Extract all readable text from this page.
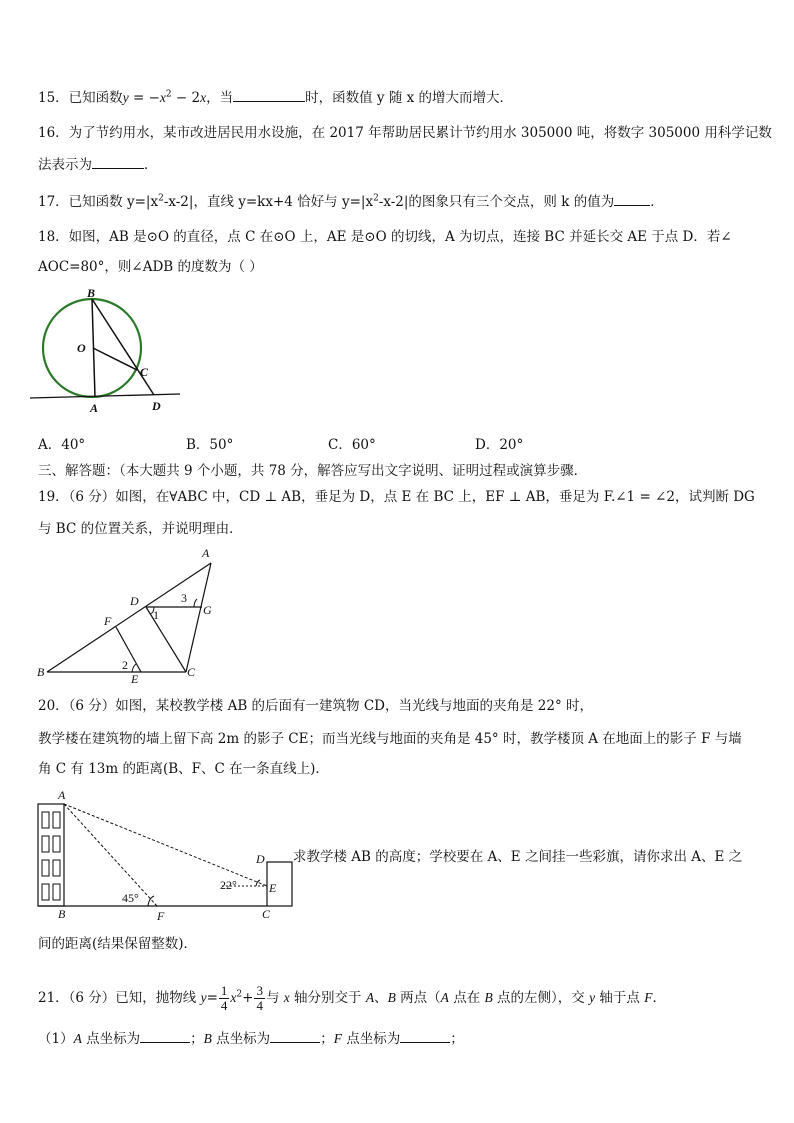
15．已知函数$y = -x^2 - 2x$，当	时，函数值 y 随 x 的增大而增大．
16．为了节约用水，某市改进居民用水设施，在 2017 年帮助居民累计节约用水 305000 吨，将数字 305000 用科学记数
法表示为	．
17．已知函数 $y=|x^2-x-2|$，直线 y=kx+4 恰好与 $y=|x^2-x-2|$的图象只有三个交点，则 k 的值为	．
18．如图，AB 是⊙O 的直径，点 C 在⊙O 上，AE 是⊙O 的切线，A 为切点，连接 BC 并延长交 AE 于点 D．若∠
AOC=80°，则∠ADB 的度数为（ ）
B
O
C
A	D
A．40°	B．50°	C．60°	D．20°
三、解答题：（本大题共 9 个小题，共 78 分，解答应写出文字说明、证明过程或演算步骤．
19．（6 分）如图，在∀ABC 中，CD ⊥ AB，垂足为 D，点 E 在 BC 上，EF ⊥ AB，垂足为 F.∠1 = ∠2，试判断 DG
与 BC 的位置关系，并说明理由．
A
D
G
F
B	E	C
1
3
2
20．（6 分）如图，某校教学楼 AB 的后面有一建筑物 CD，当光线与地面的夹角是 22° 时，
教学楼在建筑物的墙上留下高 2m 的影子 CE；而当光线与地面的夹角是 45° 时，教学楼顶 A 在地面上的影子 F 与墙
角 C 有 13m 的距离(B、F、C 在一条直线上)．
A
B	F	C
D
E
45°
22°
求教学楼 AB 的高度；学校要在 A、E 之间挂一些彩旗，请你求出 A、E 之
间的距离(结果保留整数)．
21．（6 分）已知，抛物线 $y= \frac{1}{4} x^2+ \frac{3}{4}$ 与 x 轴分别交于 A、B 两点（A 点在 B 点的左侧），交 y 轴于点 F．
（1）A 点坐标为	；B 点坐标为	；F 点坐标为	；
